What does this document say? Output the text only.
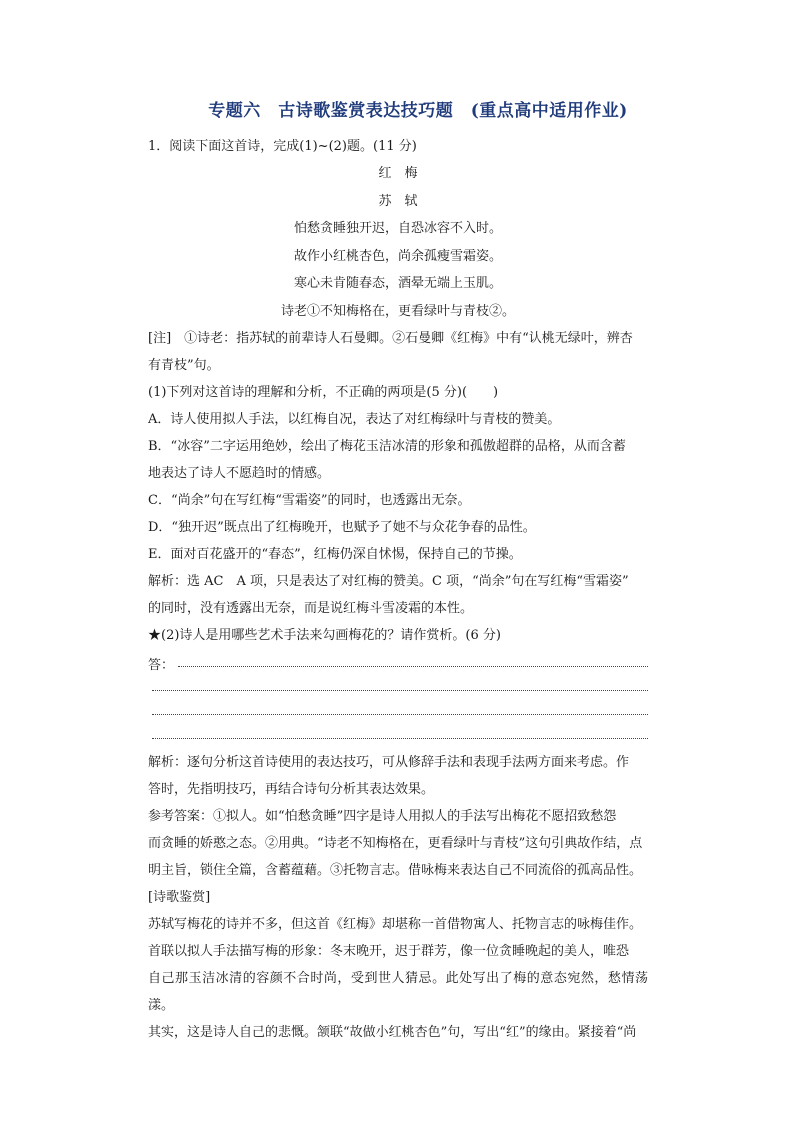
专题六　古诗歌鉴赏表达技巧题　(重点高中适用作业)

1．阅读下面这首诗，完成(1)~(2)题。(11 分)

红　梅

苏　轼

怕愁贪睡独开迟，自恐冰容不入时。

故作小红桃杏色，尚余孤瘦雪霜姿。

寒心未肯随春态，酒晕无端上玉肌。

诗老①不知梅格在，更看绿叶与青枝②。

[注]　①诗老：指苏轼的前辈诗人石曼卿。②石曼卿《红梅》中有“认桃无绿叶，辨杏

有青枝”句。

(1)下列对这首诗的理解和分析，不正确的两项是(5 分)(　　)

A．诗人使用拟人手法，以红梅自况，表达了对红梅绿叶与青枝的赞美。

B．“冰容”二字运用绝妙，绘出了梅花玉洁冰清的形象和孤傲超群的品格，从而含蓄

地表达了诗人不愿趋时的情感。

C．“尚余”句在写红梅“雪霜姿”的同时，也透露出无奈。

D．“独开迟”既点出了红梅晚开，也赋予了她不与众花争春的品性。

E．面对百花盛开的“春态”，红梅仍深自怵惕，保持自己的节操。

解析：选 AC　A 项，只是表达了对红梅的赞美。C 项，“尚余”句在写红梅“雪霜姿”

的同时，没有透露出无奈，而是说红梅斗雪凌霜的本性。

★(2)诗人是用哪些艺术手法来勾画梅花的？请作赏析。(6 分)

答：

解析：逐句分析这首诗使用的表达技巧，可从修辞手法和表现手法两方面来考虑。作

答时，先指明技巧，再结合诗句分析其表达效果。

参考答案：①拟人。如“怕愁贪睡”四字是诗人用拟人的手法写出梅花不愿招致愁怨

而贪睡的娇憨之态。②用典。“诗老不知梅格在，更看绿叶与青枝”这句引典故作结，点

明主旨，锁住全篇，含蓄蕴藉。③托物言志。借咏梅来表达自己不同流俗的孤高品性。

[诗歌鉴赏]

苏轼写梅花的诗并不多，但这首《红梅》却堪称一首借物寓人、托物言志的咏梅佳作。

首联以拟人手法描写梅的形象：冬末晚开，迟于群芳，像一位贪睡晚起的美人，唯恐

自己那玉洁冰清的容颜不合时尚，受到世人猜忌。此处写出了梅的意态宛然，愁情荡漾。

其实，这是诗人自己的悲慨。颔联“故做小红桃杏色”句，写出“红”的缘由。紧接着“尚
